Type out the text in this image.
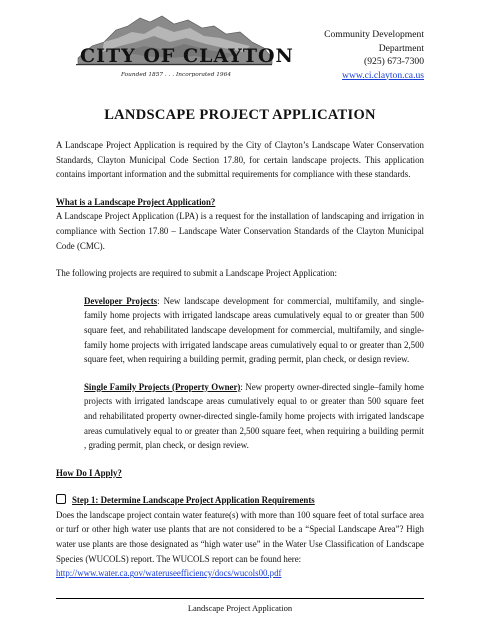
CITY OF CLAYTON
Founded 1857 . . . Incorporated 1964
Community Development
Department
(925) 673-7300
www.ci.clayton.ca.us
LANDSCAPE PROJECT APPLICATION

A Landscape Project Application is required by the City of Clayton’s Landscape Water Conservation Standards, Clayton Municipal Code Section 17.80, for certain landscape projects. This application contains important information and the submittal requirements for compliance with these standards.

What is a Landscape Project Application?

A Landscape Project Application (LPA) is a request for the installation of landscaping and irrigation in compliance with Section 17.80 – Landscape Water Conservation Standards of the Clayton Municipal Code (CMC).

The following projects are required to submit a Landscape Project Application:

Developer Projects: New landscape development for commercial, multifamily, and single-family home projects with irrigated landscape areas cumulatively equal to or greater than 500 square feet, and rehabilitated landscape development for commercial, multifamily, and single-family home projects with irrigated landscape areas cumulatively equal to or greater than 2,500 square feet, when requiring a building permit, grading permit, plan check, or design review.

Single Family Projects (Property Owner): New property owner-directed single–family home projects with irrigated landscape areas cumulatively equal to or greater than 500 square feet and rehabilitated property owner-directed single-family home projects with irrigated landscape areas cumulatively equal to or greater than 2,500 square feet, when requiring a building permit , grading permit, plan check, or design review.

How Do I Apply?

Step 1: Determine Landscape Project Application Requirements

Does the landscape project contain water feature(s) with more than 100 square feet of total surface area or turf or other high water use plants that are not considered to be a “Special Landscape Area”? High water use plants are those designated as “high water use” in the Water Use Classification of Landscape Species (WUCOLS) report. The WUCOLS report can be found here:

http://www.water.ca.gov/wateruseefficiency/docs/wucols00.pdf

Landscape Project Application
